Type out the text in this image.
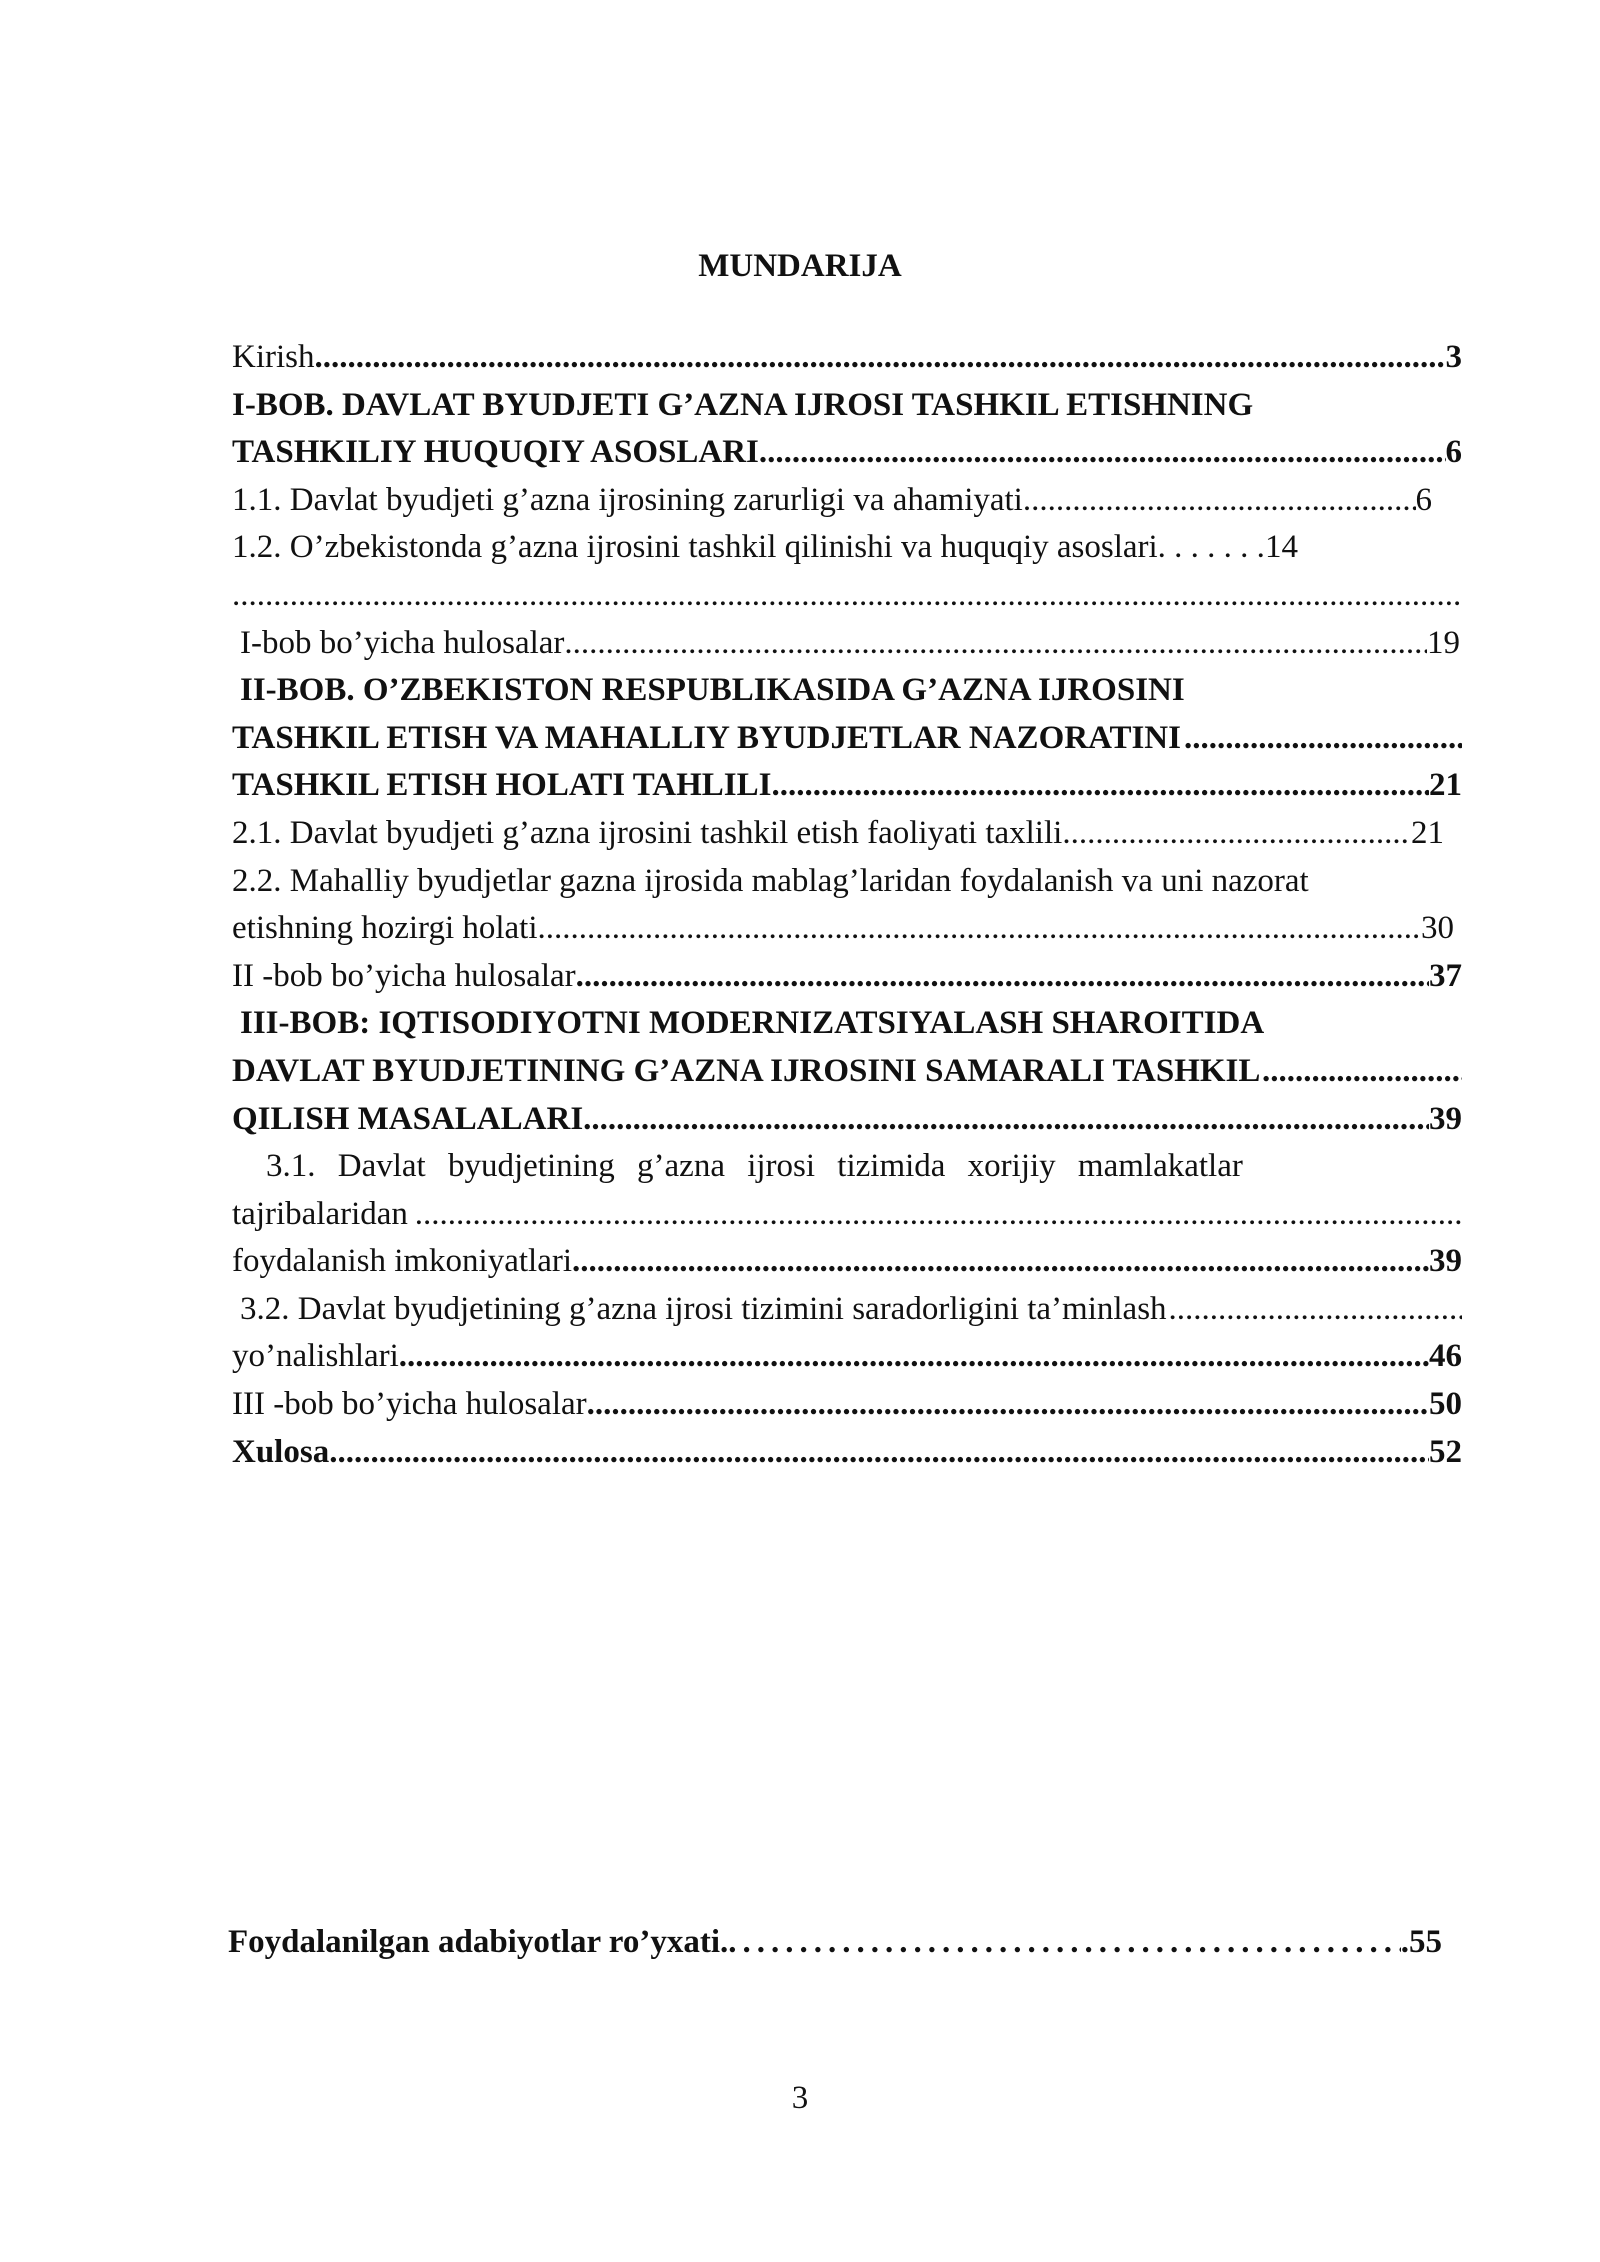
MUNDARIJA
Kirish .....	3
I-BOB. DAVLAT BYUDJETI G’AZNA IJROSI TASHKIL ETISHNING
TASHKILIY HUQUQIY ASOSLARI .....	6
1.1. Davlat byudjeti g’azna ijrosining zarurligi va ahamiyati .....	6
1.2. O’zbekistonda g’azna ijrosini tashkil qilinishi va huquqiy asoslari. . . . . . . 14
.....
I-bob bo’yicha hulosalar .....	19
II-BOB. O’ZBEKISTON RESPUBLIKASIDA G’AZNA IJROSINI
TASHKIL ETISH VA MAHALLIY BYUDJETLAR NAZORATINI
.....
TASHKIL ETISH HOLATI TAHLILI .....	21
2.1. Davlat byudjeti g’azna ijrosini tashkil etish faoliyati taxlili .....	21
2.2. Mahalliy byudjetlar gazna ijrosida mablag’laridan foydalanish va uni nazorat
etishning hozirgi holati .....	30
II -bob bo’yicha hulosalar .....	37
III-BOB: IQTISODIYOTNI MODERNIZATSIYALASH SHAROITIDA
DAVLAT BYUDJETINING G’AZNA IJROSINI SAMARALI TASHKIL
.....
QILISH MASALALARI .....	39
3.1. Davlat byudjetining g’azna ijrosi tizimida xorijiy mamlakatlar
tajribalaridan
.....
foydalanish imkoniyatlari .....	39
3.2. Davlat byudjetining g’azna ijrosi tizimini saradorligini ta’minlash
.....
yo’nalishlari .....	46
III -bob bo’yicha hulosalar .....	50
Xulosa .....	52
Foydalanilgan adabiyotlar ro’yxati. .....	.55
3
